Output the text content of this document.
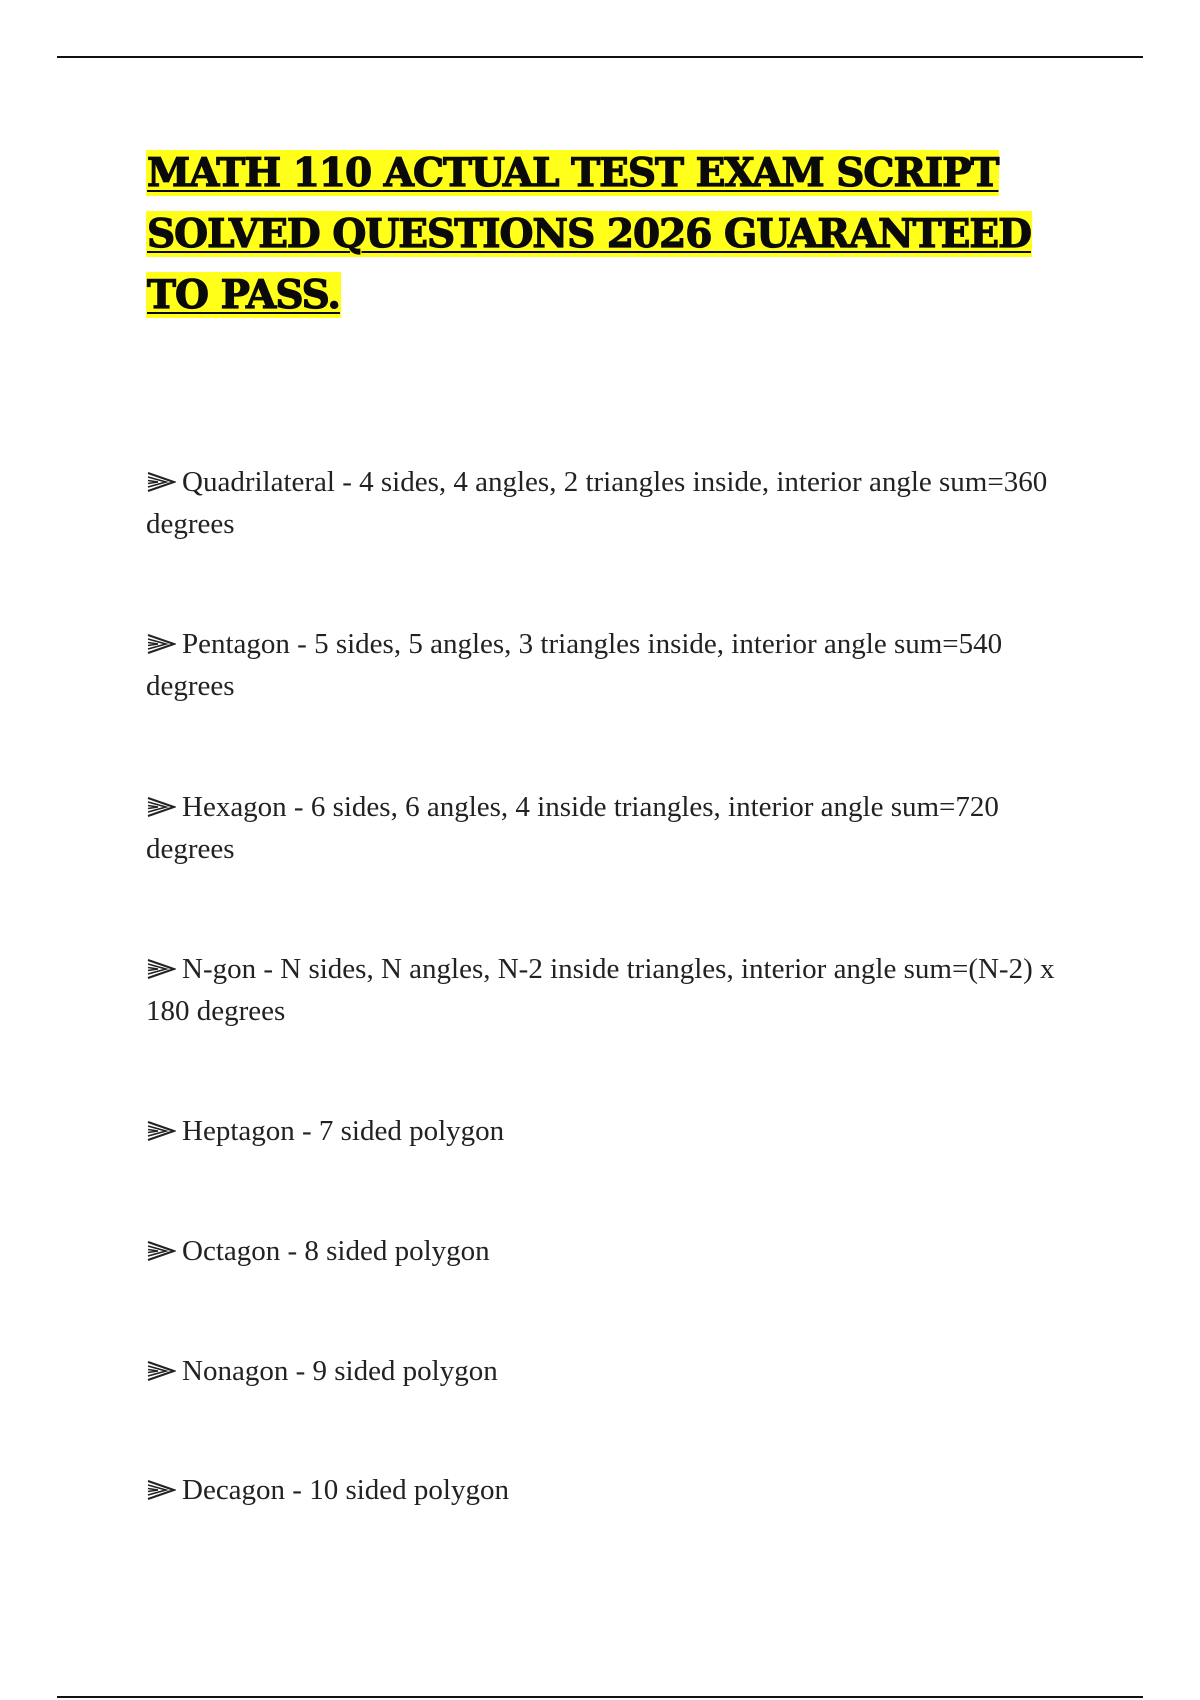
MATH 110 ACTUAL TEST EXAM SCRIPT SOLVED QUESTIONS 2026 GUARANTEED TO PASS.

Quadrilateral - 4 sides, 4 angles, 2 triangles inside, interior angle sum=360 degrees

Pentagon - 5 sides, 5 angles, 3 triangles inside, interior angle sum=540 degrees

Hexagon - 6 sides, 6 angles, 4 inside triangles, interior angle sum=720 degrees

N-gon - N sides, N angles, N-2 inside triangles, interior angle sum=(N-2) x 180 degrees

Heptagon - 7 sided polygon

Octagon - 8 sided polygon

Nonagon - 9 sided polygon

Decagon - 10 sided polygon
